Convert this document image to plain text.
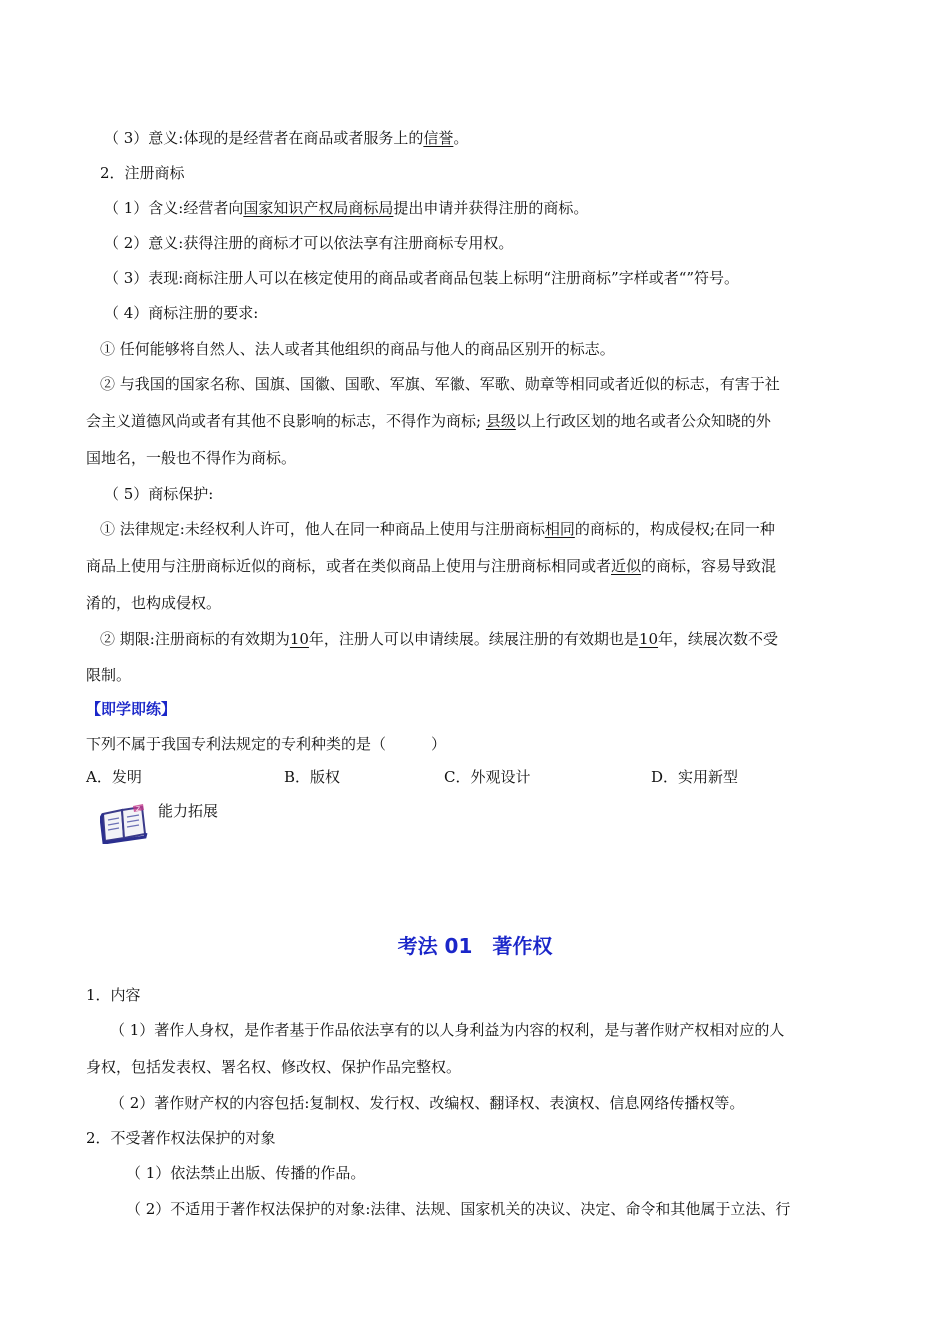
（ 3）意义:体现的是经营者在商品或者服务上的信誉。
2．注册商标
（ 1）含义:经营者向国家知识产权局商标局提出申请并获得注册的商标。
（ 2）意义:获得注册的商标才可以依法享有注册商标专用权。
（ 3）表现:商标注册人可以在核定使用的商品或者商品包装上标明“注册商标”字样或者“”符号。
（ 4）商标注册的要求:
① 任何能够将自然人、法人或者其他组织的商品与他人的商品区别开的标志。
② 与我国的国家名称、国旗、国徽、国歌、军旗、军徽、军歌、勋章等相同或者近似的标志，有害于社
会主义道德风尚或者有其他不良影响的标志，不得作为商标; 县级以上行政区划的地名或者公众知晓的外
国地名，一般也不得作为商标。
（ 5）商标保护:
① 法律规定:未经权利人许可，他人在同一种商品上使用与注册商标相同的商标的，构成侵权;在同一种
商品上使用与注册商标近似的商标，或者在类似商品上使用与注册商标相同或者近似的商标，容易导致混
淆的，也构成侵权。
② 期限:注册商标的有效期为10年，注册人可以申请续展。续展注册的有效期也是10年，续展次数不受
限制。
【即学即练】
下列不属于我国专利法规定的专利种类的是（　　　）
A．发明	B．版权	C．外观设计	D．实用新型
Z 能力拓展
考法 01　著作权
1．内容
（ 1）著作人身权，是作者基于作品依法享有的以人身利益为内容的权利，是与著作财产权相对应的人
身权，包括发表权、署名权、修改权、保护作品完整权。
（ 2）著作财产权的内容包括:复制权、发行权、改编权、翻译权、表演权、信息网络传播权等。
2．不受著作权法保护的对象
（ 1）依法禁止出版、传播的作品。
（ 2）不适用于著作权法保护的对象:法律、法规、国家机关的决议、决定、命令和其他属于立法、行
